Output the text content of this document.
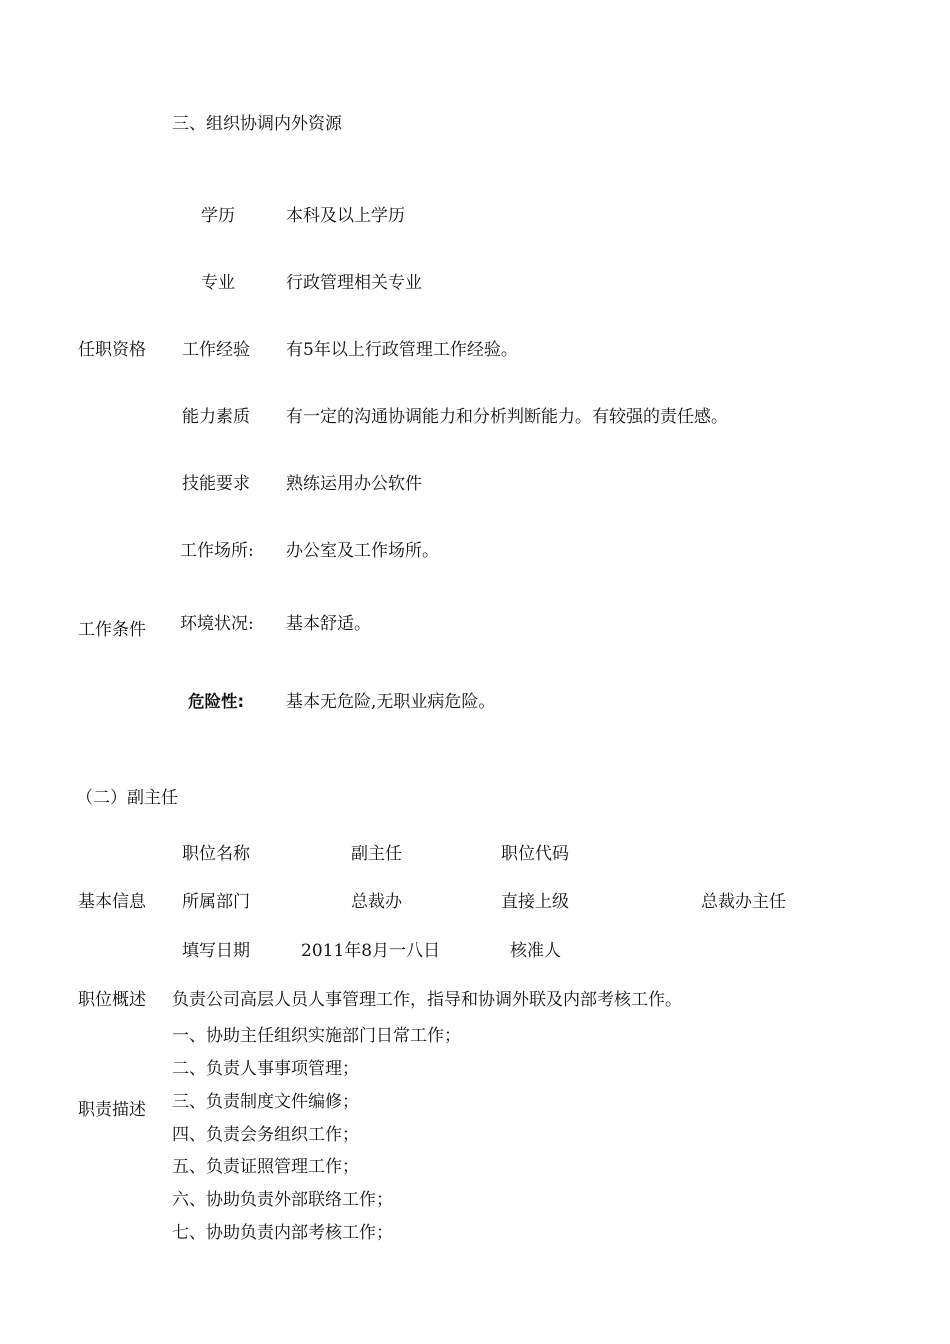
三、组织协调内外资源
任职资格
学历	本科及以上学历
专业	行政管理相关专业
工作经验 有5年以上行政管理工作经验。
能力素质 有一定的沟通协调能力和分析判断能力。有较强的责任感。
技能要求 熟练运用办公软件
工作条件
工作场所: 办公室及工作场所。
环境状况: 基本舒适。
危险性: 基本无危险,无职业病危险。
（二）副主任
基本信息
职位名称	副主任	职位代码
所属部门	总裁办	直接上级	总裁办主任
填写日期	2011年8月一八日	核准人
职位概述 负责公司高层人员人事管理工作，指导和协调外联及内部考核工作。
职责描述
一、协助主任组织实施部门日常工作；
二、负责人事事项管理；
三、负责制度文件编修；
四、负责会务组织工作；
五、负责证照管理工作；
六、协助负责外部联络工作；
七、协助负责内部考核工作；
